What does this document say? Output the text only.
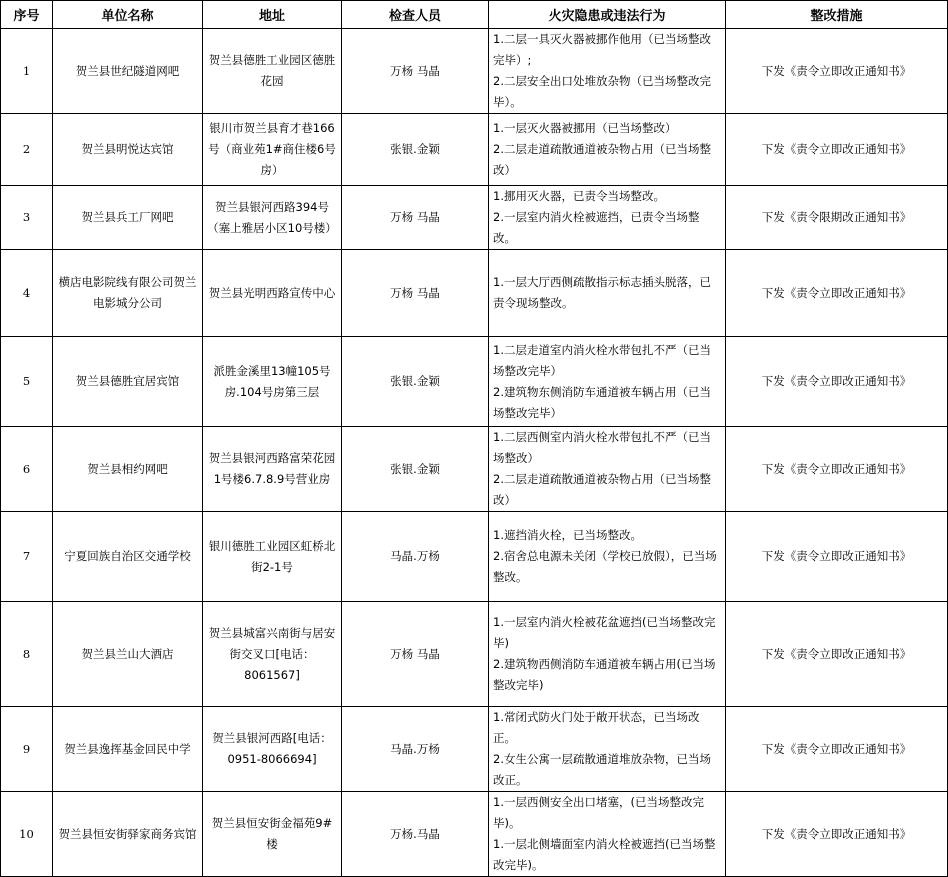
序号	单位名称	地址	检查人员	火灾隐患或违法行为	整改措施
1	贺兰县世纪隧道网吧	贺兰县德胜工业园区德胜花园	万杨 马晶	1.二层一具灭火器被挪作他用（已当场整改完毕）;
2.二层安全出口处堆放杂物（已当场整改完毕）。	下发《责令立即改正通知书》
2	贺兰县明悦达宾馆	银川市贺兰县育才巷166号（商业苑1#商住楼6号房）	张银.金颖	1.一层灭火器被挪用（已当场整改）
2.二层走道疏散通道被杂物占用（已当场整改）	下发《责令立即改正通知书》
3	贺兰县兵工厂网吧	贺兰县银河西路394号（塞上雅居小区10号楼）	万杨 马晶	1.挪用灭火器，已责令当场整改。
2.一层室内消火栓被遮挡，已责令当场整改。	下发《责令限期改正通知书》
4	横店电影院线有限公司贺兰电影城分公司	贺兰县光明西路宣传中心	万杨 马晶	1.一层大厅西侧疏散指示标志插头脱落，已责令现场整改。	下发《责令立即改正通知书》
5	贺兰县德胜宜居宾馆	派胜金溪里13幢105号房.104号房第三层	张银.金颖	1.二层走道室内消火栓水带包扎不严（已当场整改完毕）
2.建筑物东侧消防车通道被车辆占用（已当场整改完毕）	下发《责令立即改正通知书》
6	贺兰县相约网吧	贺兰县银河西路富荣花园1号楼6.7.8.9号营业房	张银.金颖	1.二层西侧室内消火栓水带包扎不严（已当场整改）
2.二层走道疏散通道被杂物占用（已当场整改）	下发《责令立即改正通知书》
7	宁夏回族自治区交通学校	银川德胜工业园区虹桥北街2-1号	马晶.万杨	1.遮挡消火栓，已当场整改。
2.宿舍总电源未关闭（学校已放假），已当场整改。	下发《责令立即改正通知书》
8	贺兰县兰山大酒店	贺兰县城富兴南街与居安街交叉口[电话：8061567]	万杨 马晶	1.一层室内消火栓被花盆遮挡(已当场整改完毕)
2.建筑物西侧消防车通道被车辆占用(已当场整改完毕)	下发《责令立即改正通知书》
9	贺兰县逸挥基金回民中学	贺兰县银河西路[电话：0951-8066694]	马晶.万杨	1.常闭式防火门处于敞开状态，已当场改正。
2.女生公寓一层疏散通道堆放杂物，已当场改正。	下发《责令立即改正通知书》
10	贺兰县恒安街驿家商务宾馆	贺兰县恒安街金福苑9#楼	万杨.马晶	1.一层西侧安全出口堵塞，(已当场整改完毕)。
1.一层北侧墙面室内消火栓被遮挡(已当场整改完毕)。	下发《责令立即改正通知书》
